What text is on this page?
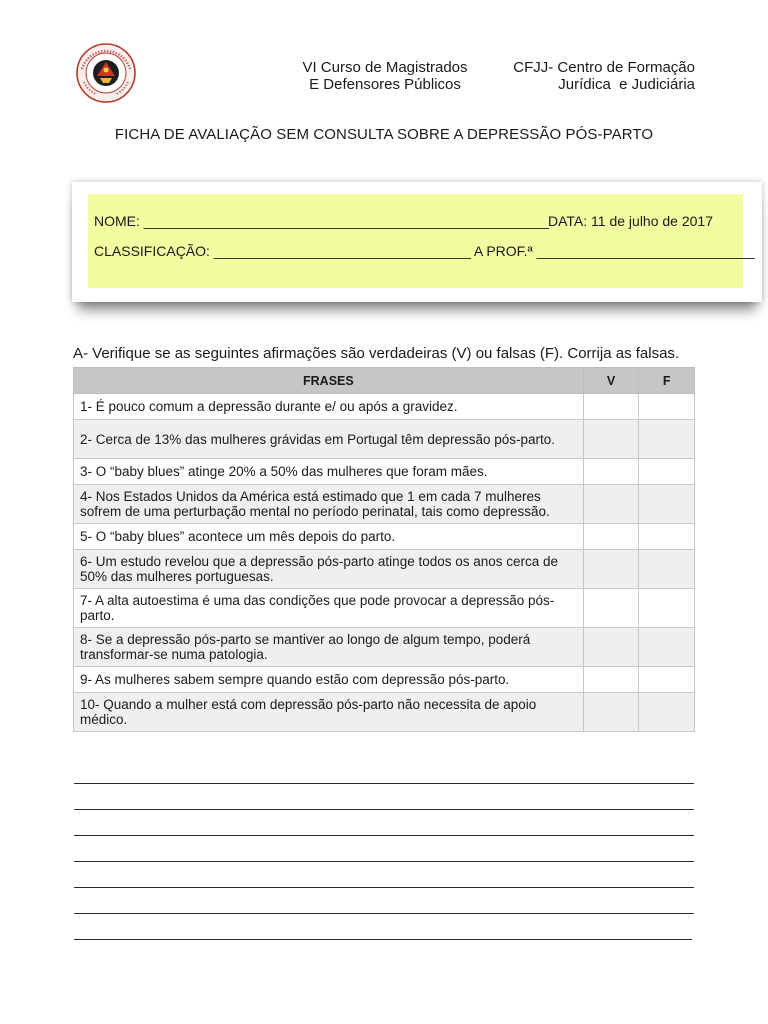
VI Curso de Magistrados
E Defensores Públicos
CFJJ- Centro de Formação
Jurídica  e Judiciária
FICHA DE AVALIAÇÃO SEM CONSULTA SOBRE A DEPRESSÃO PÓS-PARTO
NOME: ____________________________________________________ DATA: 11 de julho de 2017
CLASSIFICAÇÃO: _________________________________ A PROF.ª ____________________________
A- Verifique se as seguintes afirmações são verdadeiras (V) ou falsas (F). Corrija as falsas.
FRASES	V	F
1- É pouco comum a depressão durante e/ ou após a gravidez.		
2- Cerca de 13% das mulheres grávidas em Portugal têm depressão pós-parto.		
3- O “baby blues” atinge 20% a 50% das mulheres que foram mães.		
4- Nos Estados Unidos da América está estimado que 1 em cada 7 mulheres sofrem de uma perturbação mental no período perinatal, tais como depressão.		
5- O “baby blues” acontece um mês depois do parto.		
6- Um estudo revelou que a depressão pós-parto atinge todos os anos cerca de 50% das mulheres portuguesas.		
7- A alta autoestima é uma das condições que pode provocar a depressão pós-parto.		
8- Se a depressão pós-parto se mantiver ao longo de algum tempo, poderá transformar-se numa patologia.		
9- As mulheres sabem sempre quando estão com depressão pós-parto.		
10- Quando a mulher está com depressão pós-parto não necessita de apoio médico.		
